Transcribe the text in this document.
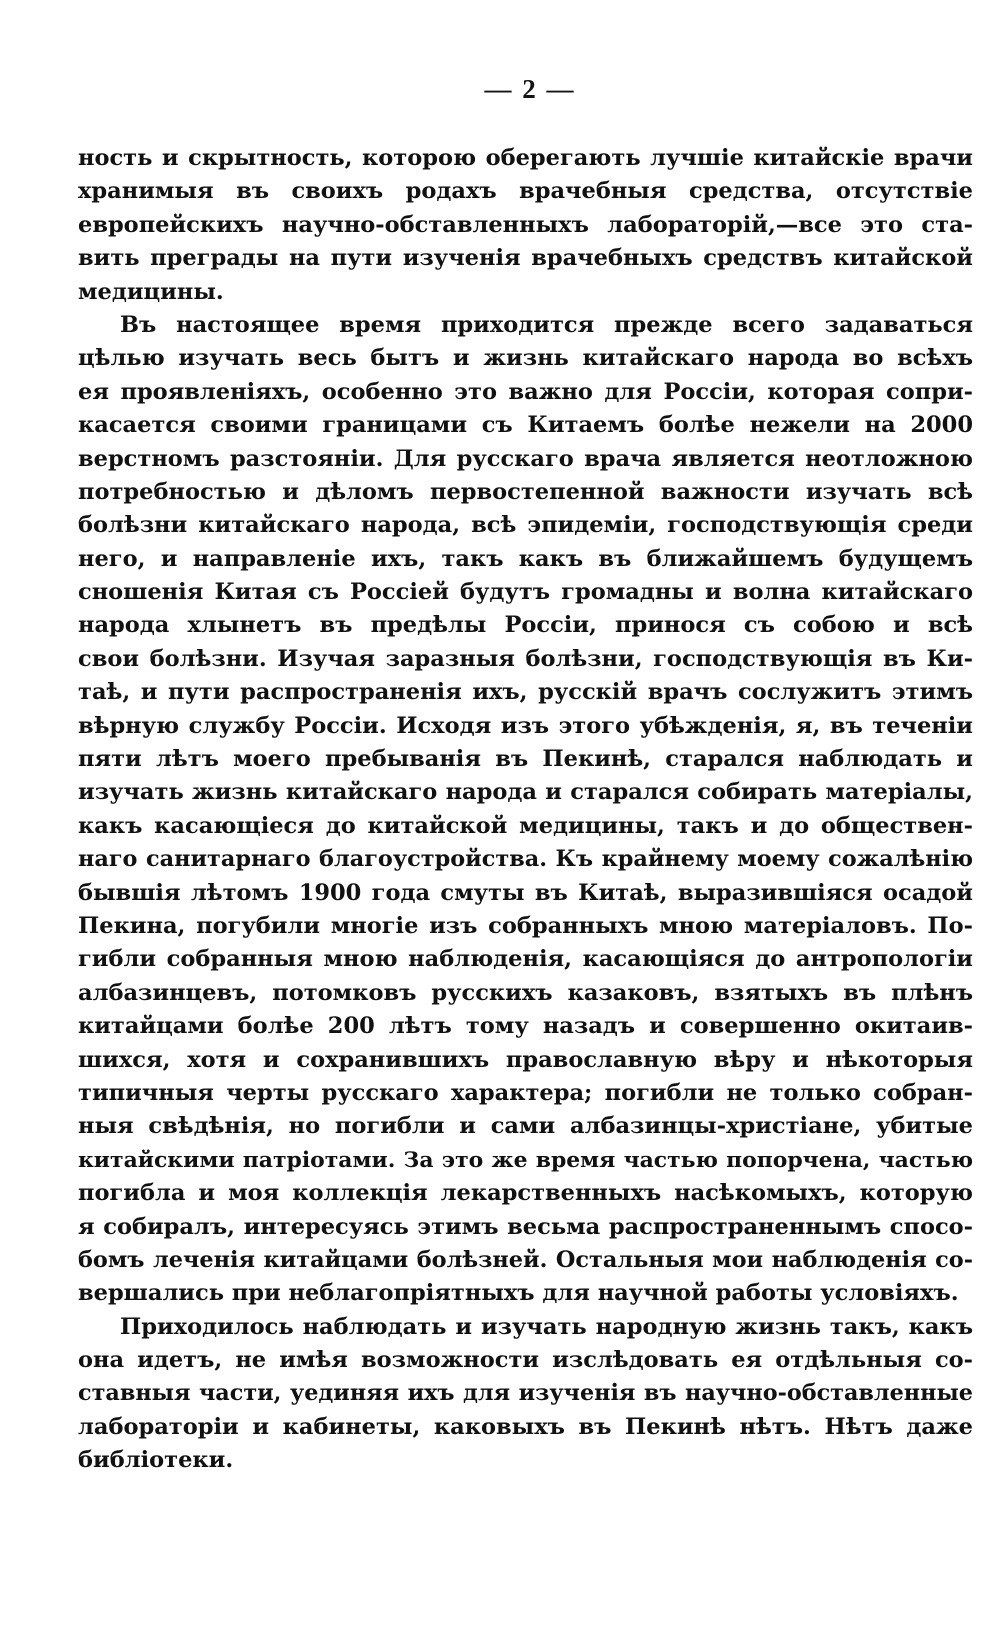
— 2 —

ность и скрытность, которою оберегають лучшіе китайскіе врачи
хранимыя въ своихъ родахъ врачебныя средства, отсутствіе
европейскихъ научно-обставленныхъ лабораторій,—все это ста-
вить преграды на пути изученія врачебныхъ средствъ китайской
медицины.

Въ настоящее время приходится прежде всего задаваться
цѣлью изучать весь бытъ и жизнь китайскаго народа во всѣхъ
ея проявленіяхъ, особенно это важно для Россіи, которая сопри-
касается своими границами съ Китаемъ болѣе нежели на 2000
верстномъ разстояніи. Для русскаго врача является неотложною
потребностью и дѣломъ первостепенной важности изучать всѣ
болѣзни китайскаго народа, всѣ эпидеміи, господствующія среди
него, и направленіе ихъ, такъ какъ въ ближайшемъ будущемъ
сношенія Китая съ Россіей будутъ громадны и волна китайскаго
народа хлынетъ въ предѣлы Россіи, принося съ собою и всѣ
свои болѣзни. Изучая заразныя болѣзни, господствующія въ Ки-
таѣ, и пути распространенія ихъ, русскій врачъ сослужитъ этимъ
вѣрную службу Россіи. Исходя изъ этого убѣжденія, я, въ теченіи
пяти лѣтъ моего пребыванія въ Пекинѣ, старался наблюдать и
изучать жизнь китайскаго народа и старался собирать матеріалы,
какъ касающіеся до китайской медицины, такъ и до обществен-
наго санитарнаго благоустройства. Къ крайнему моему сожалѣнію
бывшія лѣтомъ 1900 года смуты въ Китаѣ, выразившіяся осадой
Пекина, погубили многіе изъ собранныхъ мною матеріаловъ. По-
гибли собранныя мною наблюденія, касающіяся до антропологіи
албазинцевъ, потомковъ русскихъ казаковъ, взятыхъ въ плѣнъ
китайцами болѣе 200 лѣтъ тому назадъ и совершенно окитаив-
шихся, хотя и сохранившихъ православную вѣру и нѣкоторыя
типичныя черты русскаго характера; погибли не только собран-
ныя свѣдѣнія, но погибли и сами албазинцы-христіане, убитые
китайскими патріотами. За это же время частью попорчена, частью
погибла и моя коллекція лекарственныхъ насѣкомыхъ, которую
я собиралъ, интересуясь этимъ весьма распространеннымъ спосо-
бомъ леченія китайцами болѣзней. Остальныя мои наблюденія со-
вершались при неблагопріятныхъ для научной работы условіяхъ.

Приходилось наблюдать и изучать народную жизнь такъ, какъ
она идетъ, не имѣя возможности изслѣдовать ея отдѣльныя со-
ставныя части, уединяя ихъ для изученія въ научно-обставленные
лабораторіи и кабинеты, каковыхъ въ Пекинѣ нѣтъ. Нѣтъ даже
библіотеки.
